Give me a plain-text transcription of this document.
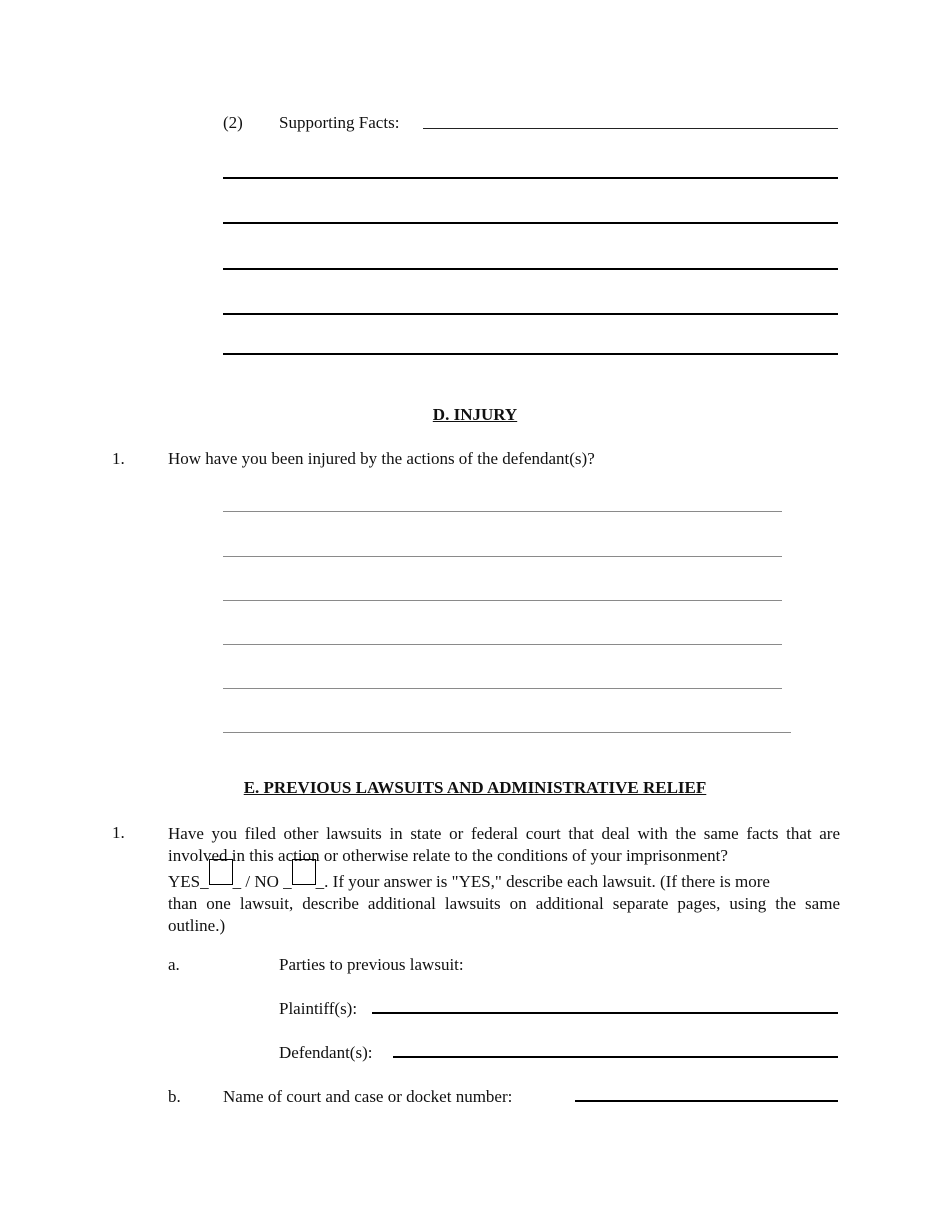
(2) Supporting Facts:
D. INJURY
1.	How have you been injured by the actions of the defendant(s)?
E. PREVIOUS LAWSUITS AND ADMINISTRATIVE RELIEF
1.	Have you filed other lawsuits in state or federal court that deal with the same facts that are
involved in this action or otherwise relate to the conditions of your imprisonment?
YES_ _ / NO _ _. If your answer is "YES," describe each lawsuit. (If there is more
than one lawsuit, describe additional lawsuits on additional separate pages, using the same
outline.)
a.	Parties to previous lawsuit:
Plaintiff(s):
Defendant(s):
b. Name of court and case or docket number:
